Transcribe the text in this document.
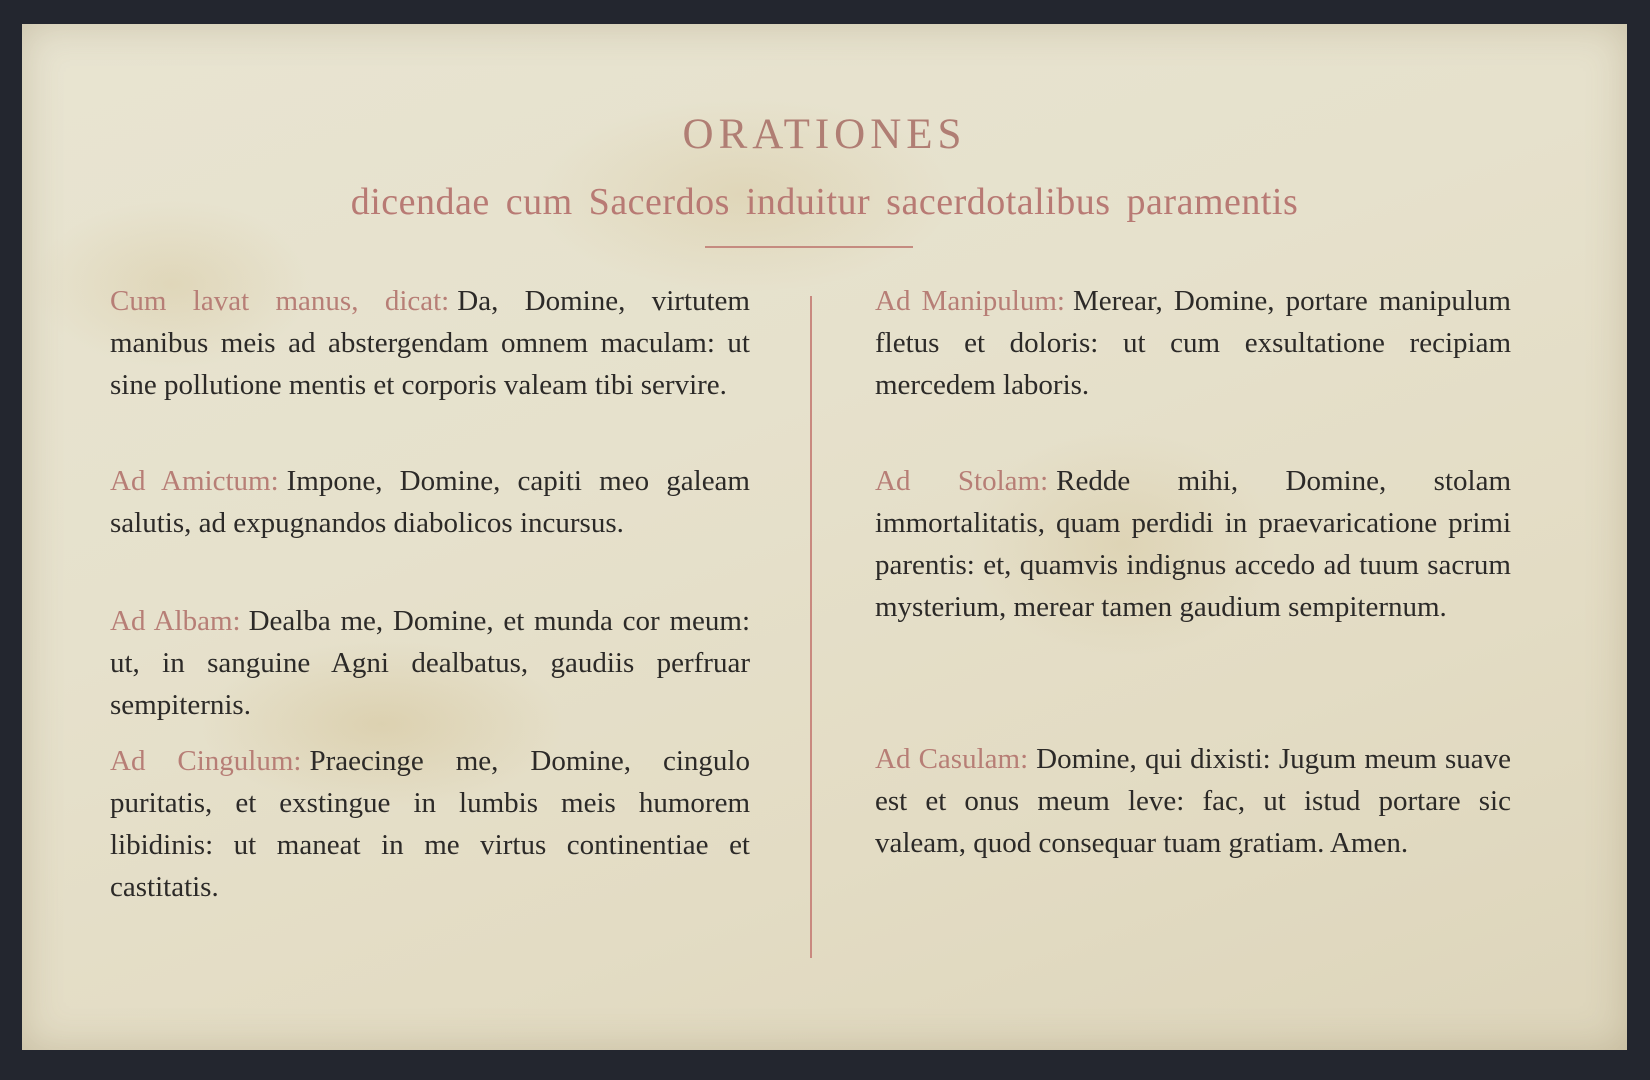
ORATIONES
dicendae cum Sacerdos induitur sacerdotalibus paramentis
Cum lavat manus, dicat: Da, Domine, virtutem manibus meis ad abstergendam omnem maculam: ut sine pollutione mentis et corporis valeam tibi servire.
Ad Amictum: Impone, Domine, capiti meo galeam salutis, ad expugnandos diabolicos incursus.
Ad Albam: Dealba me, Domine, et munda cor meum: ut, in sanguine Agni dealbatus, gaudiis perfruar sempiternis.
Ad Cingulum: Praecinge me, Domine, cingulo puritatis, et exstingue in lumbis meis humorem libidinis: ut maneat in me virtus continentiae et castitatis.
Ad Manipulum: Merear, Domine, portare manipulum fletus et doloris: ut cum exsultatione recipiam mercedem laboris.
Ad Stolam: Redde mihi, Domine, stolam immortalitatis, quam perdidi in praevaricatione primi parentis: et, quamvis indignus accedo ad tuum sacrum mysterium, merear tamen gaudium sempiternum.
Ad Casulam: Domine, qui dixisti: Jugum meum suave est et onus meum leve: fac, ut istud portare sic valeam, quod consequar tuam gratiam. Amen.
